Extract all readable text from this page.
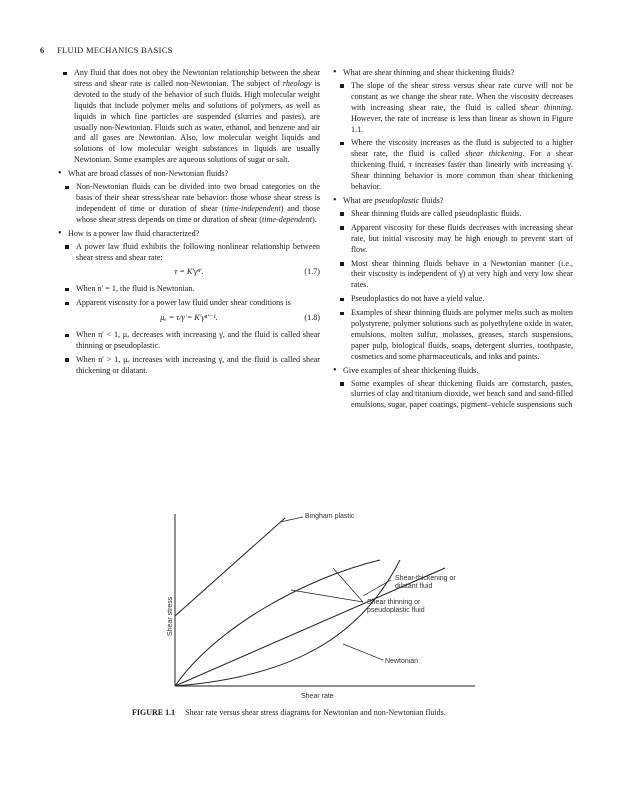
6 FLUID MECHANICS BASICS
Any fluid that does not obey the Newtonian relationship between the shear stress and shear rate is called non-Newtonian. The subject of rheology is devoted to the study of the behavior of such fluids. High molecular weight liquids that include polymer melts and solutions of polymers, as well as liquids in which fine particles are suspended (slurries and pastes), are usually non-Newtonian. Fluids such as water, ethanol, and benzene and air and all gases are Newtonian. Also, low molecular weight liquids and solutions of low molecular weight substances in liquids are usually Newtonian. Some examples are aqueous solutions of sugar or salt.
• What are broad classes of non-Newtonian fluids?
Non-Newtonian fluids can be divided into two broad categories on the basis of their shear stress/shear rate behavior: those whose shear stress is independent of time or duration of shear (time-independent) and those whose shear stress depends on time or duration of shear (time-dependent).
• How is a power law fluid characterized?
A power law fluid exhibits the following nonlinear relationship between shear stress and shear rate:
τ = K′γ̇ⁿ′.	(1.7)
When n′ = 1, the fluid is Newtonian.
Apparent viscosity for a power law fluid under shear conditions is
μₐ = τ/γ̇ = K′γ̇ⁿ′⁻¹.	(1.8)
When n′ < 1, μₐ decreases with increasing γ̇, and the fluid is called shear thinning or pseudoplastic.
When n′ > 1, μₐ increases with increasing γ̇, and the fluid is called shear thickening or dilatant.
• What are shear thinning and shear thickening fluids?
The slope of the shear stress versus shear rate curve will not be constant as we change the shear rate. When the viscosity decreases with increasing shear rate, the fluid is called shear thinning. However, the rate of increase is less than linear as shown in Figure 1.1.
Where the viscosity increases as the fluid is subjected to a higher shear rate, the fluid is called shear thickening. For a shear thickening fluid, τ increases faster than linearly with increasing γ̇. Shear thinning behavior is more common than shear thickening behavior.
• What are pseudoplastic fluids?
Shear thinning fluids are called pseudoplastic fluids.
Apparent viscosity for these fluids decreases with increasing shear rate, but initial viscosity may be high enough to prevent start of flow.
Most shear thinning fluids behave in a Newtonian manner (i.e., their viscosity is independent of γ̇) at very high and very low shear rates.
Pseudoplastics do not have a yield value.
Examples of shear thinning fluids are polymer melts such as molten polystyrene, polymer solutions such as polyethylene oxide in water, emulsions, molten sulfur, molasses, greases, starch suspensions, paper pulp, biological fluids, soaps, detergent slurries, toothpaste, cosmetics and some pharmaceuticals, and inks and paints.
• Give examples of shear thickening fluids.
Some examples of shear thickening fluids are cornstarch, pastes, slurries of clay and titanium dioxide, wet beach sand and sand-filled emulsions, sugar, paper coatings, pigment–vehicle suspensions such
Shear stress
Shear rate
Bingham plastic
Shear-thickening or
dilatant fluid
Shear thinning or
pseudoplastic fluid
Newtonian
FIGURE 1.1 Shear rate versus shear stress diagrams for Newtonian and non-Newtonian fluids.
